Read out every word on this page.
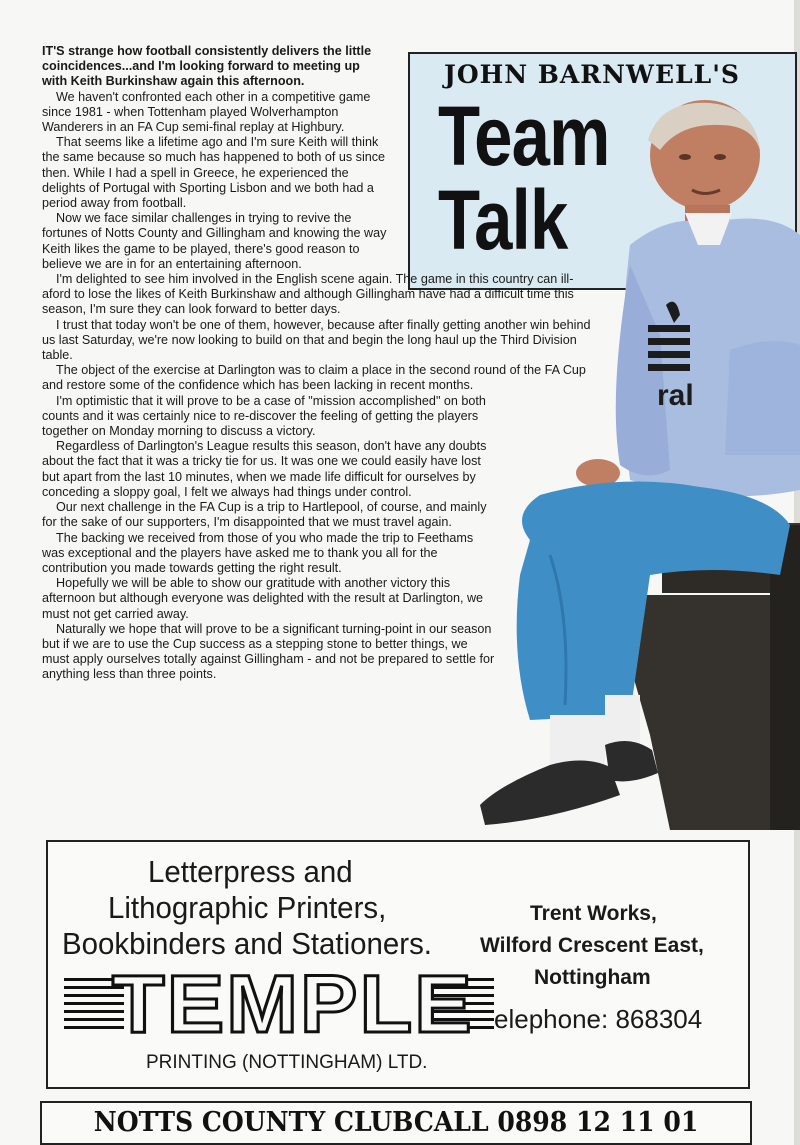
JOHN BARNWELL'S
Team
Talk
ral

IT'S strange how football consistently delivers the little coincidences...and I'm looking forward to meeting up with Keith Burkinshaw again this afternoon.

We haven't confronted each other in a competitive game since 1981 - when Tottenham played Wolverhampton Wanderers in an FA Cup semi-final replay at Highbury.

That seems like a lifetime ago and I'm sure Keith will think the same because so much has happened to both of us since then. While I had a spell in Greece, he experienced the delights of Portugal with Sporting Lisbon and we both had a period away from football.

Now we face similar challenges in trying to revive the fortunes of Notts County and Gillingham and knowing the way Keith likes the game to be played, there's good reason to believe we are in for an entertaining afternoon.

I'm delighted to see him involved in the English scene again. The game in this country can ill-aford to lose the likes of Keith Burkinshaw and although Gillingham have had a difficult time this season, I'm sure they can look forward to better days.

I trust that today won't be one of them, however, because after finally getting another win behind us last Saturday, we're now looking to build on that and begin the long haul up the Third Division table.

The object of the exercise at Darlington was to claim a place in the second round of the FA Cup and restore some of the confidence which has been lacking in recent months.

I'm optimistic that it will prove to be a case of "mission accomplished" on both counts and it was certainly nice to re-discover the feeling of getting the players together on Monday morning to discuss a victory.

Regardless of Darlington's League results this season, don't have any doubts about the fact that it was a tricky tie for us. It was one we could easily have lost but apart from the last 10 minutes, when we made life difficult for ourselves by conceding a sloppy goal, I felt we always had things under control.

Our next challenge in the FA Cup is a trip to Hartlepool, of course, and mainly for the sake of our supporters, I'm disappointed that we must travel again.

The backing we received from those of you who made the trip to Feethams was exceptional and the players have asked me to thank you all for the contribution you made towards getting the right result.

Hopefully we will be able to show our gratitude with another victory this afternoon but although everyone was delighted with the result at Darlington, we must not get carried away.

Naturally we hope that will prove to be a significant turning-point in our season but if we are to use the Cup success as a stepping stone to better things, we must apply ourselves totally against Gillingham - and not be prepared to settle for anything less than three points.

Letterpress and
Lithographic Printers,
Bookbinders and Stationers.
TEMPLE
PRINTING (NOTTINGHAM) LTD.
Trent Works,
Wilford Crescent East,
Nottingham
elephone: 868304
NOTTS COUNTY CLUBCALL 0898 12 11 01
